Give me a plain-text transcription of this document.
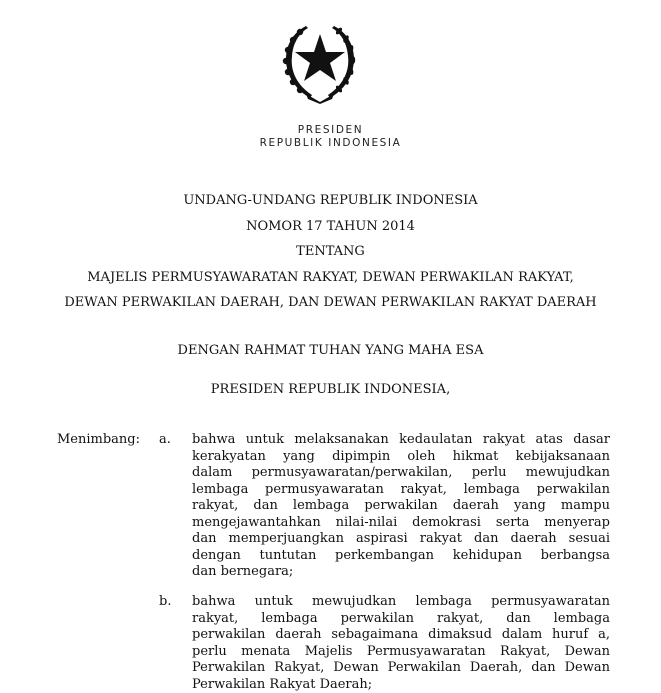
PRESIDEN
REPUBLIK INDONESIA
UNDANG-UNDANG REPUBLIK INDONESIA
NOMOR 17 TAHUN 2014
TENTANG
MAJELIS PERMUSYAWARATAN RAKYAT, DEWAN PERWAKILAN RAKYAT,
DEWAN PERWAKILAN DAERAH, DAN DEWAN PERWAKILAN RAKYAT DAERAH
DENGAN RAHMAT TUHAN YANG MAHA ESA
PRESIDEN REPUBLIK INDONESIA,
Menimbang: a. bahwa untuk melaksanakan kedaulatan rakyat atas dasar
kerakyatan yang dipimpin oleh hikmat kebijaksanaan
dalam permusyawaratan/perwakilan, perlu mewujudkan
lembaga permusyawaratan rakyat, lembaga perwakilan
rakyat, dan lembaga perwakilan daerah yang mampu
mengejawantahkan nilai-nilai demokrasi serta menyerap
dan memperjuangkan aspirasi rakyat dan daerah sesuai
dengan tuntutan perkembangan kehidupan berbangsa
dan bernegara;
b. bahwa untuk mewujudkan lembaga permusyawaratan
rakyat, lembaga perwakilan rakyat, dan lembaga
perwakilan daerah sebagaimana dimaksud dalam huruf a,
perlu menata Majelis Permusyawaratan Rakyat, Dewan
Perwakilan Rakyat, Dewan Perwakilan Daerah, dan Dewan
Perwakilan Rakyat Daerah;
